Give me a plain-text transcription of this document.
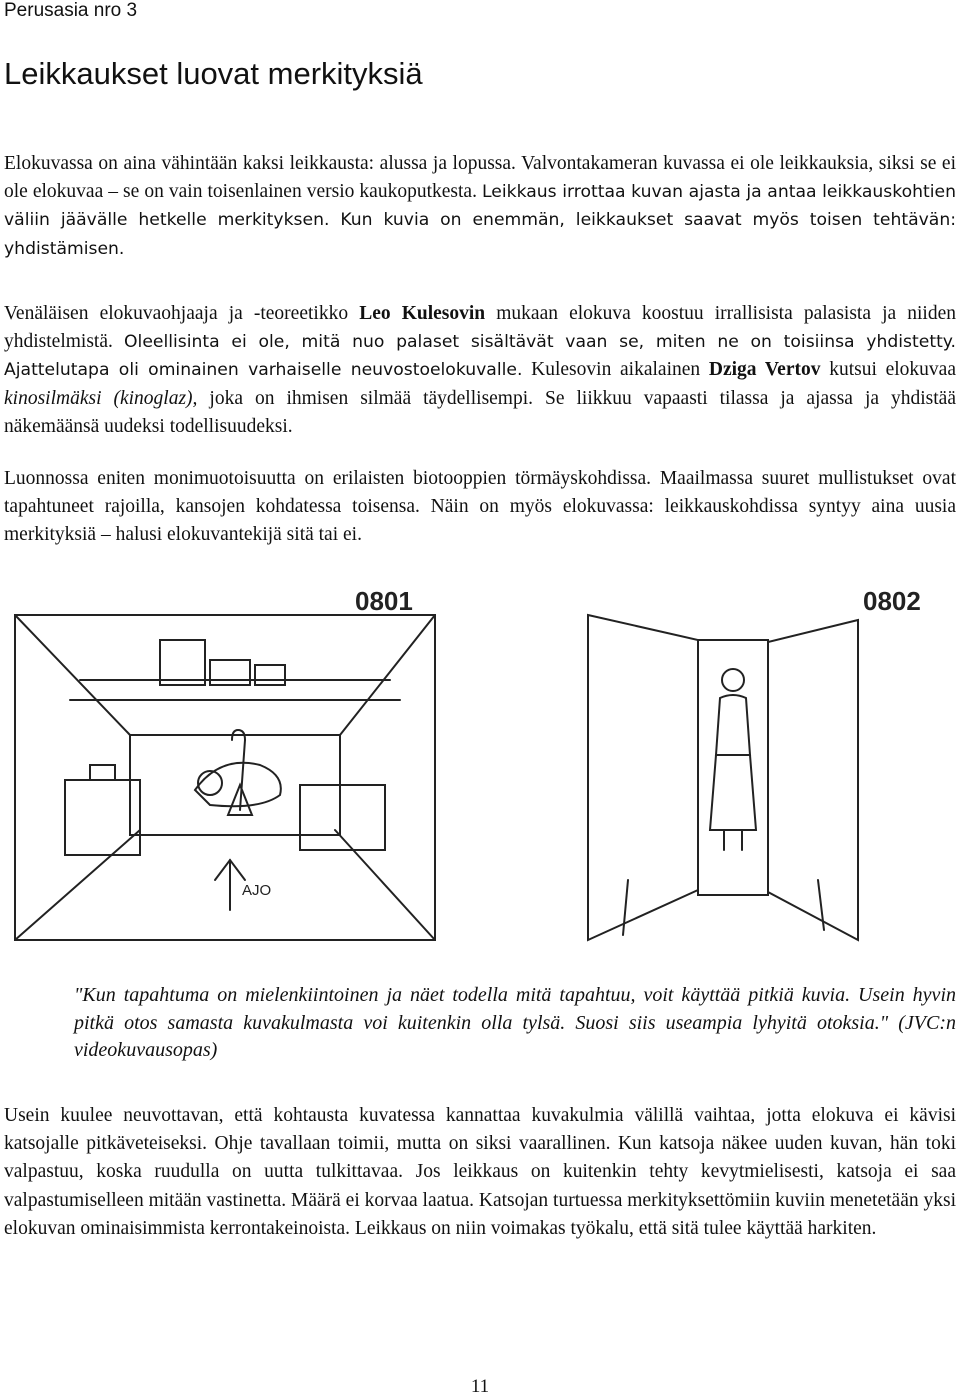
Perusasia nro 3
Leikkaukset luovat merkityksiä

Elokuvassa on aina vähintään kaksi leikkausta: alussa ja lopussa. Valvontakameran kuvassa ei ole leikkauksia, siksi se ei ole elokuvaa – se on vain toisenlainen versio kaukoputkesta. Leikkaus irrottaa kuvan ajasta ja antaa leikkauskohtien väliin jäävälle hetkelle merkityksen. Kun kuvia on enemmän, leikkaukset saavat myös toisen tehtävän: yhdistämisen.

Venäläisen elokuvaohjaaja ja -teoreetikko Leo Kulesovin mukaan elokuva koostuu irrallisista palasista ja niiden yhdistelmistä. Oleellisinta ei ole, mitä nuo palaset sisältävät vaan se, miten ne on toisiinsa yhdistetty. Ajattelutapa oli ominainen varhaiselle neuvostoelokuvalle. Kulesovin aikalainen Dziga Vertov kutsui elokuvaa kinosilmäksi (kinoglaz), joka on ihmisen silmää täydellisempi. Se liikkuu vapaasti tilassa ja ajassa ja yhdistää näkemäänsä uudeksi todellisuudeksi.

Luonnossa eniten monimuotoisuutta on erilaisten biotooppien törmäyskohdissa. Maailmassa suuret mullistukset ovat tapahtuneet rajoilla, kansojen kohdatessa toisensa. Näin on myös elokuvassa: leikkauskohdissa syntyy aina uusia merkityksiä – halusi elokuvantekijä sitä tai ei.

0801
AJO
0802

"Kun tapahtuma on mielenkiintoinen ja näet todella mitä tapahtuu, voit käyttää pitkiä kuvia. Usein hyvin pitkä otos samasta kuvakulmasta voi kuitenkin olla tylsä. Suosi siis useampia lyhyitä otoksia." (JVC:n videokuvausopas)

Usein kuulee neuvottavan, että kohtausta kuvatessa kannattaa kuvakulmia välillä vaihtaa, jotta elokuva ei kävisi katsojalle pitkäveteiseksi. Ohje tavallaan toimii, mutta on siksi vaarallinen. Kun katsoja näkee uuden kuvan, hän toki valpastuu, koska ruudulla on uutta tulkittavaa. Jos leikkaus on kuitenkin tehty kevytmielisesti, katsoja ei saa valpastumiselleen mitään vastinetta. Määrä ei korvaa laatua. Katsojan turtuessa merkityksettömiin kuviin menetetään yksi elokuvan ominaisimmista kerrontakeinoista. Leikkaus on niin voimakas työkalu, että sitä tulee käyttää harkiten.

11
